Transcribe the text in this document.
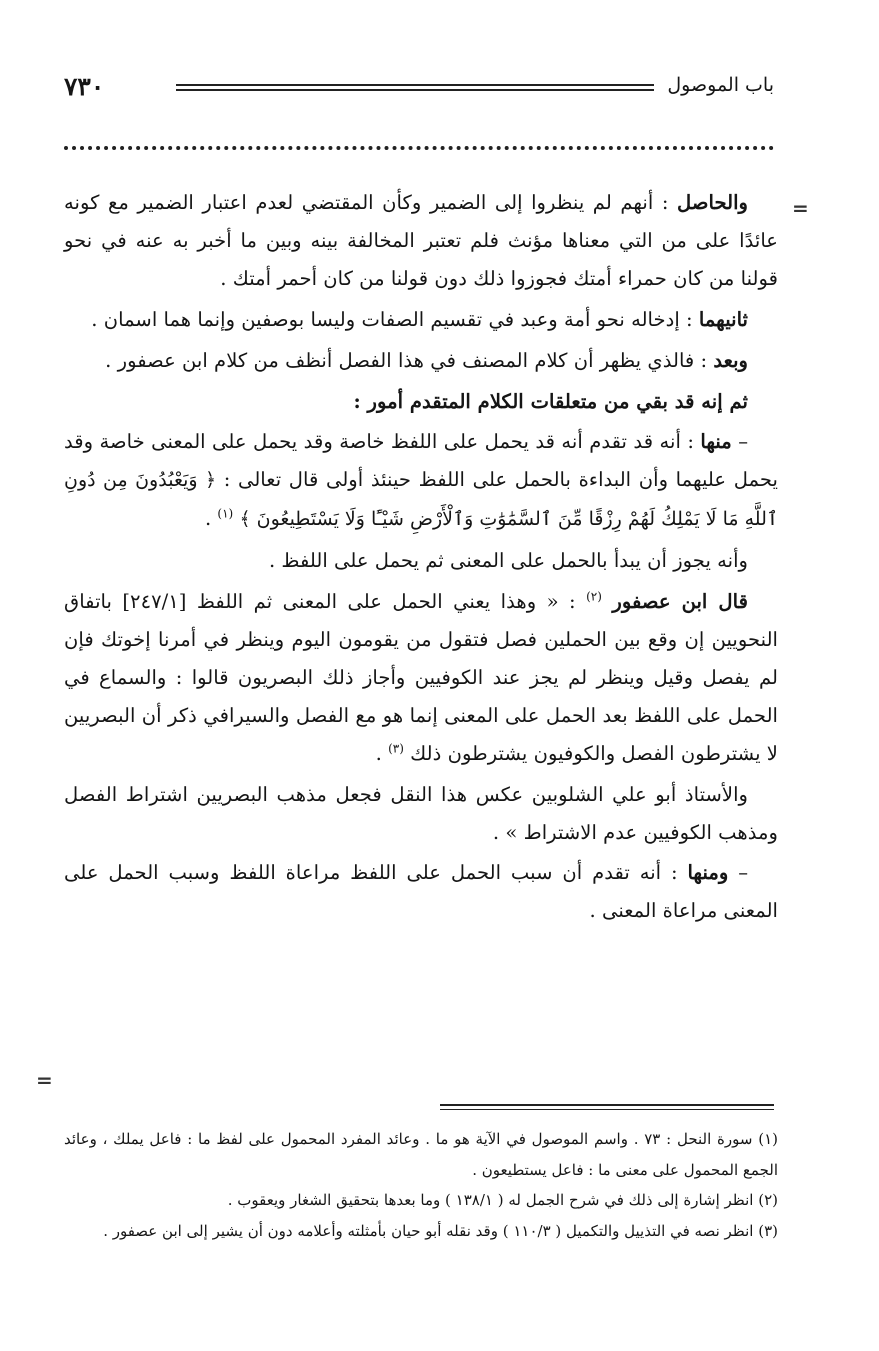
٧٣٠	باب الموصول
=
=

والحاصل : أنهم لم ينظروا إلى الضمير وكأن المقتضي لعدم اعتبار الضمير مع كونه عائدًا على من التي معناها مؤنث فلم تعتبر المخالفة بينه وبين ما أخبر به عنه في نحو قولنا من كان حمراء أمتك فجوزوا ذلك دون قولنا من كان أحمر أمتك .

ثانيهما : إدخاله نحو أمة وعبد في تقسيم الصفات وليسا بوصفين وإنما هما اسمان .

وبعد : فالذي يظهر أن كلام المصنف في هذا الفصل أنظف من كلام ابن عصفور .

ثم إنه قد بقي من متعلقات الكلام المتقدم أمور :

– منها : أنه قد تقدم أنه قد يحمل على اللفظ خاصة وقد يحمل على المعنى خاصة وقد يحمل عليهما وأن البداءة بالحمل على اللفظ حينئذ أولى قال تعالى : ﴿ وَيَعْبُدُونَ مِن دُونِ ٱللَّهِ مَا لَا يَمْلِكُ لَهُمْ رِزْقًا مِّنَ ٱلسَّمَٰوَٰتِ وَٱلْأَرْضِ شَيْـًٔا وَلَا يَسْتَطِيعُونَ ﴾ $^{(١)}$ .

وأنه يجوز أن يبدأ بالحمل على المعنى ثم يحمل على اللفظ .

قال ابن عصفور $^{(٢)}$ : « وهذا يعني الحمل على المعنى ثم اللفظ [٢٤٧/١] باتفاق النحويين إن وقع بين الحملين فصل فتقول من يقومون اليوم وينظر في أمرنا إخوتك فإن لم يفصل وقيل وينظر لم يجز عند الكوفيين وأجاز ذلك البصريون قالوا : والسماع في الحمل على اللفظ بعد الحمل على المعنى إنما هو مع الفصل والسيرافي ذكر أن البصريين لا يشترطون الفصل والكوفيون يشترطون ذلك $^{(٣)}$ .

والأستاذ أبو علي الشلوبين عكس هذا النقل فجعل مذهب البصريين اشتراط الفصل ومذهب الكوفيين عدم الاشتراط » .

– ومنها : أنه تقدم أن سبب الحمل على اللفظ مراعاة اللفظ وسبب الحمل على المعنى مراعاة المعنى .

(١) سورة النحل : ٧٣ . واسم الموصول في الآية هو ما . وعائد المفرد المحمول على لفظ ما : فاعل يملك ، وعائد الجمع المحمول على معنى ما : فاعل يستطيعون .

(٢) انظر إشارة إلى ذلك في شرح الجمل له ( ١٣٨/١ ) وما بعدها بتحقيق الشغار ويعقوب .

(٣) انظر نصه في التذييل والتكميل ( ١١٠/٣ ) وقد نقله أبو حيان بأمثلته وأعلامه دون أن يشير إلى ابن عصفور .
